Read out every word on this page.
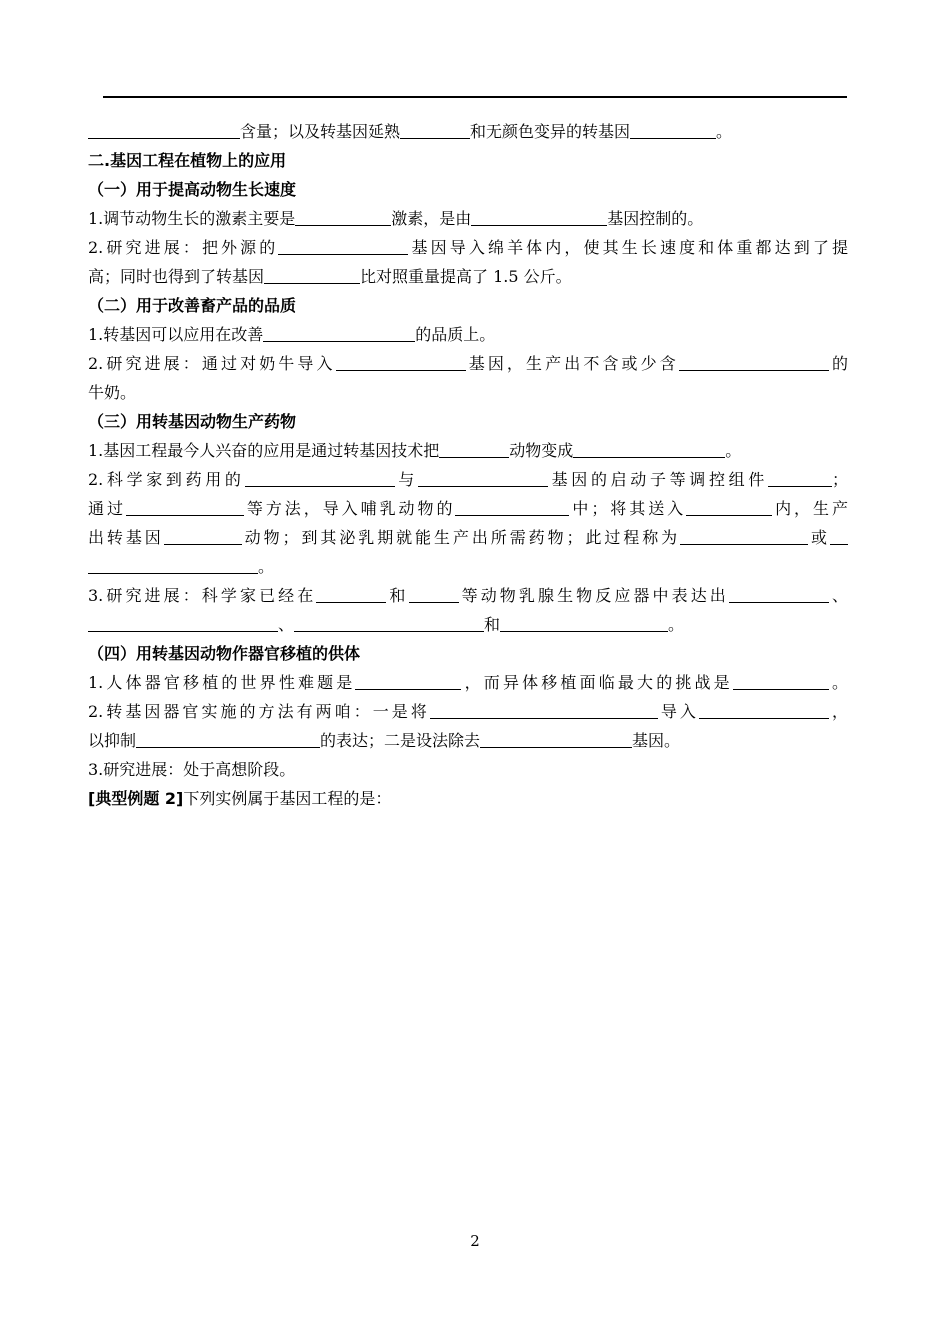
含量；以及转基因延熟	和无颜色变异的转基因	。
二.基因工程在植物上的应用
（一）用于提高动物生长速度
1.调节动物生长的激素主要是	激素，是由	基因控制的。
2.研究进展：把外源的	基因导入绵羊体内，使其生长速度和体重都达到了提
高；同时也得到了转基因	比对照重量提高了 1.5 公斤。
（二）用于改善畜产品的品质
1.转基因可以应用在改善	的品质上。
2.研究进展：通过对奶牛导入	基因，生产出不含或少含	的
牛奶。
（三）用转基因动物生产药物
1.基因工程最今人兴奋的应用是通过转基因技术把	动物变成	。
2.科学家到药用的	与	基因的启动子等调控组件	；
通过	等方法，导入哺乳动物的	中；将其送入	内，生产
出转基因	动物；到其泌乳期就能生产出所需药物；此过程称为	或
。
3.研究进展：科学家已经在	和	等动物乳腺生物反应器中表达出	、
、	和	。
（四）用转基因动物作器官移植的供体
1.人体器官移植的世界性难题是	，而异体移植面临最大的挑战是	。
2.转基因器官实施的方法有两咱：一是将	导入	，
以抑制	的表达；二是设法除去	基因。
3.研究进展：处于高想阶段。
[典型例题 2]下列实例属于基因工程的是：
2
